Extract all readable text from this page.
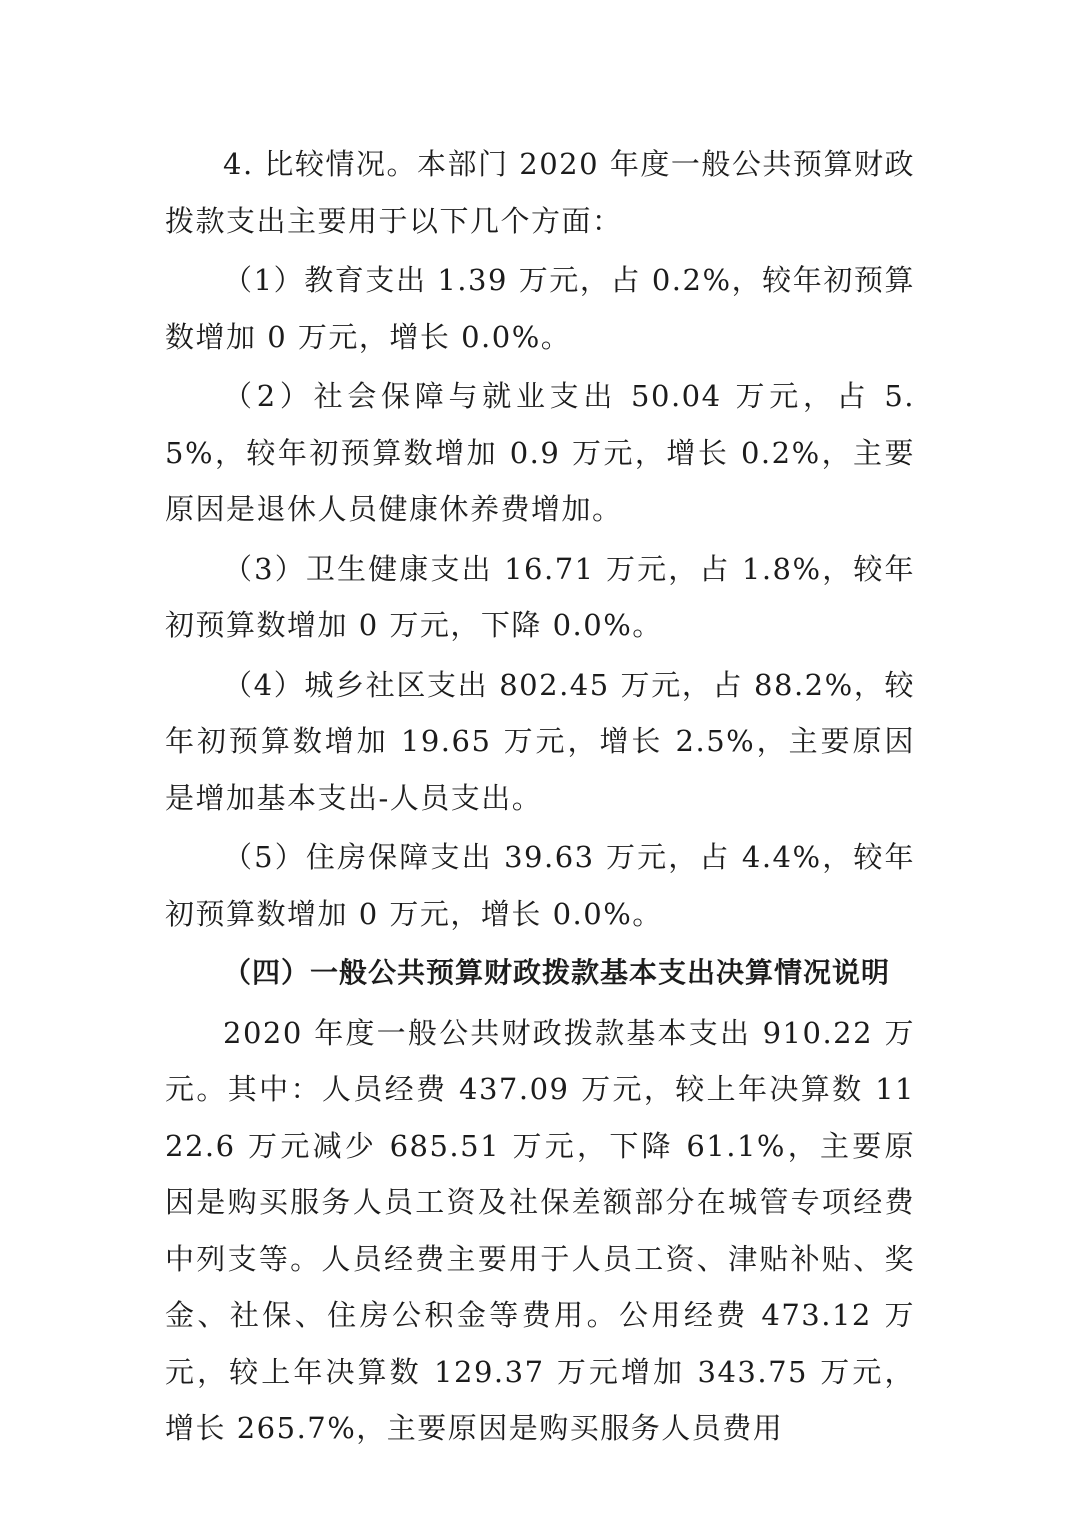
4. 比较情况。本部门 2020 年度一般公共预算财政拨款支出主要用于以下几个方面：

（1）教育支出 1.39 万元，占 0.2%，较年初预算数增加 0 万元，增长 0.0%。

（2）社会保障与就业支出 50.04 万元，占 5.5%，较年初预算数增加 0.9 万元，增长 0.2%，主要原因是退休人员健康休养费增加。

（3）卫生健康支出 16.71 万元，占 1.8%，较年初预算数增加 0 万元，下降 0.0%。

（4）城乡社区支出 802.45 万元，占 88.2%，较年初预算数增加 19.65 万元，增长 2.5%，主要原因是增加基本支出-人员支出。

（5）住房保障支出 39.63 万元，占 4.4%，较年初预算数增加 0 万元，增长 0.0%。

（四）一般公共预算财政拨款基本支出决算情况说明

2020 年度一般公共财政拨款基本支出 910.22 万元。其中：人员经费 437.09 万元，较上年决算数 1122.6 万元减少 685.51 万元，下降 61.1%，主要原因是购买服务人员工资及社保差额部分在城管专项经费中列支等。人员经费主要用于人员工资、津贴补贴、奖金、社保、住房公积金等费用。公用经费 473.12 万元，较上年决算数 129.37 万元增加 343.75 万元，增长 265.7%，主要原因是购买服务人员费用
